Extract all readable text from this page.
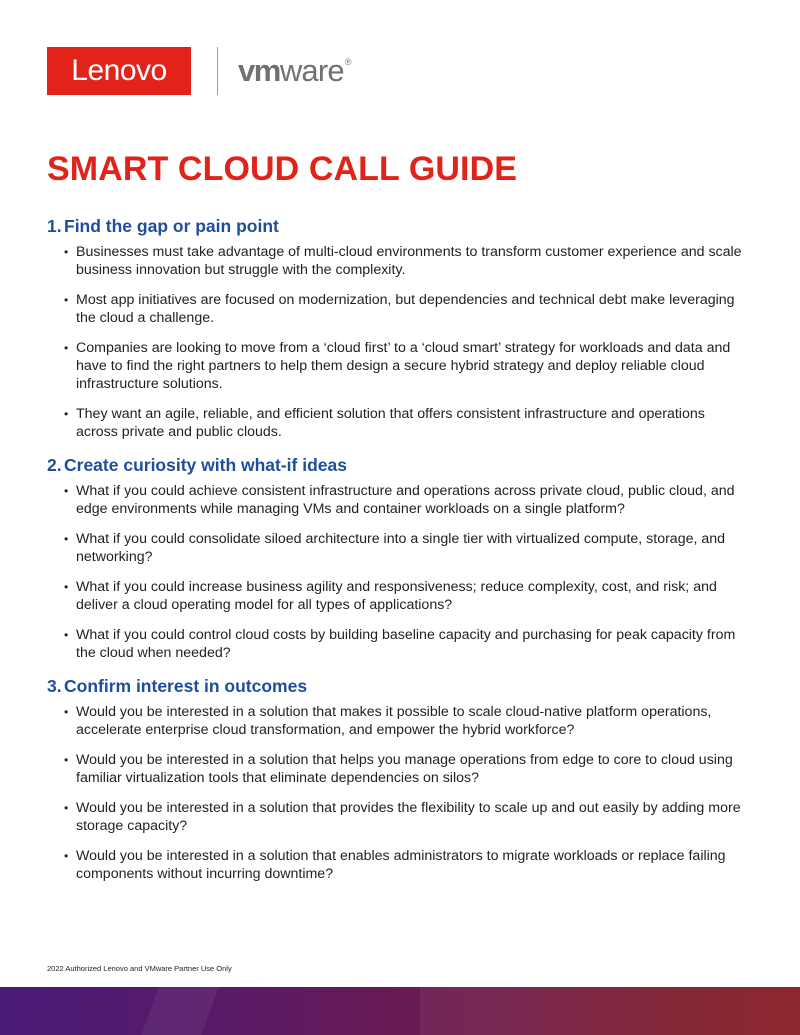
Lenovo vm ware ®
SMART CLOUD CALL GUIDE
1. Find the gap or pain point
• Businesses must take advantage of multi-cloud environments to transform customer experience and scale business innovation but struggle with the complexity.
• Most app initiatives are focused on modernization, but dependencies and technical debt make leveraging the cloud a challenge.
• Companies are looking to move from a ‘cloud first’ to a ‘cloud smart’ strategy for workloads and data and have to find the right partners to help them design a secure hybrid strategy and deploy reliable cloud infrastructure solutions.
• They want an agile, reliable, and efficient solution that offers consistent infrastructure and operations across private and public clouds.
2. Create curiosity with what-if ideas
• What if you could achieve consistent infrastructure and operations across private cloud, public cloud, and edge environments while managing VMs and container workloads on a single platform?
• What if you could consolidate siloed architecture into a single tier with virtualized compute, storage, and networking?
• What if you could increase business agility and responsiveness; reduce complexity, cost, and risk; and deliver a cloud operating model for all types of applications?
• What if you could control cloud costs by building baseline capacity and purchasing for peak capacity from the cloud when needed?
3. Confirm interest in outcomes
• Would you be interested in a solution that makes it possible to scale cloud-native platform operations, accelerate enterprise cloud transformation, and empower the hybrid workforce?
• Would you be interested in a solution that helps you manage operations from edge to core to cloud using familiar virtualization tools that eliminate dependencies on silos?
• Would you be interested in a solution that provides the flexibility to scale up and out easily by adding more storage capacity?
• Would you be interested in a solution that enables administrators to migrate workloads or replace failing components without incurring downtime?
2022 Authorized Lenovo and VMware Partner Use Only
